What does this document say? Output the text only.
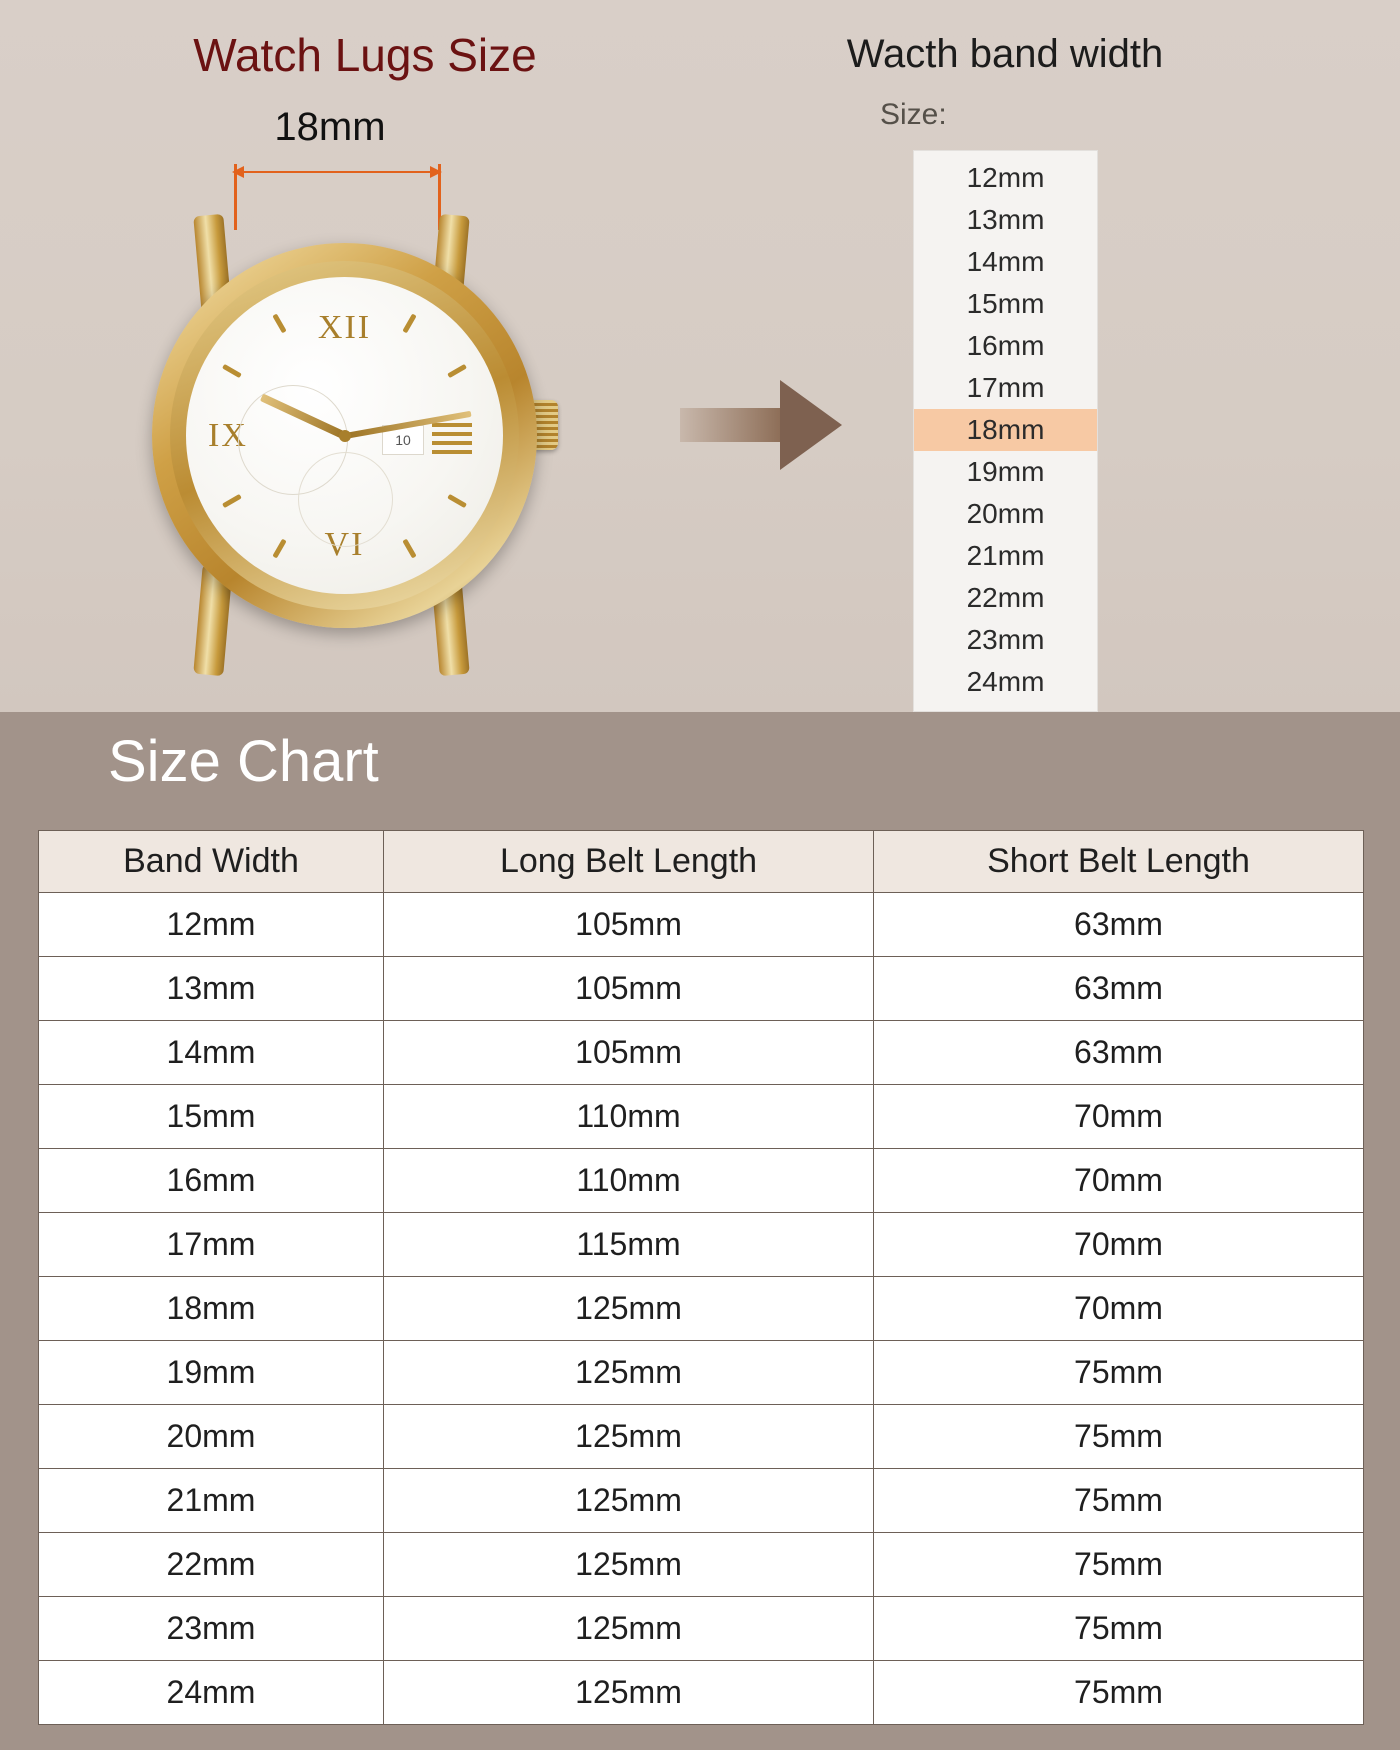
Watch Lugs Size	Wacth band width
Size:
18mm
XII
IX
VI
10
12mm
13mm
14mm
15mm
16mm
17mm
18mm
19mm
20mm
21mm
22mm
23mm
24mm
Size Chart
Band Width	Long Belt Length	Short Belt Length
12mm	105mm	63mm
13mm	105mm	63mm
14mm	105mm	63mm
15mm	110mm	70mm
16mm	110mm	70mm
17mm	115mm	70mm
18mm	125mm	70mm
19mm	125mm	75mm
20mm	125mm	75mm
21mm	125mm	75mm
22mm	125mm	75mm
23mm	125mm	75mm
24mm	125mm	75mm
